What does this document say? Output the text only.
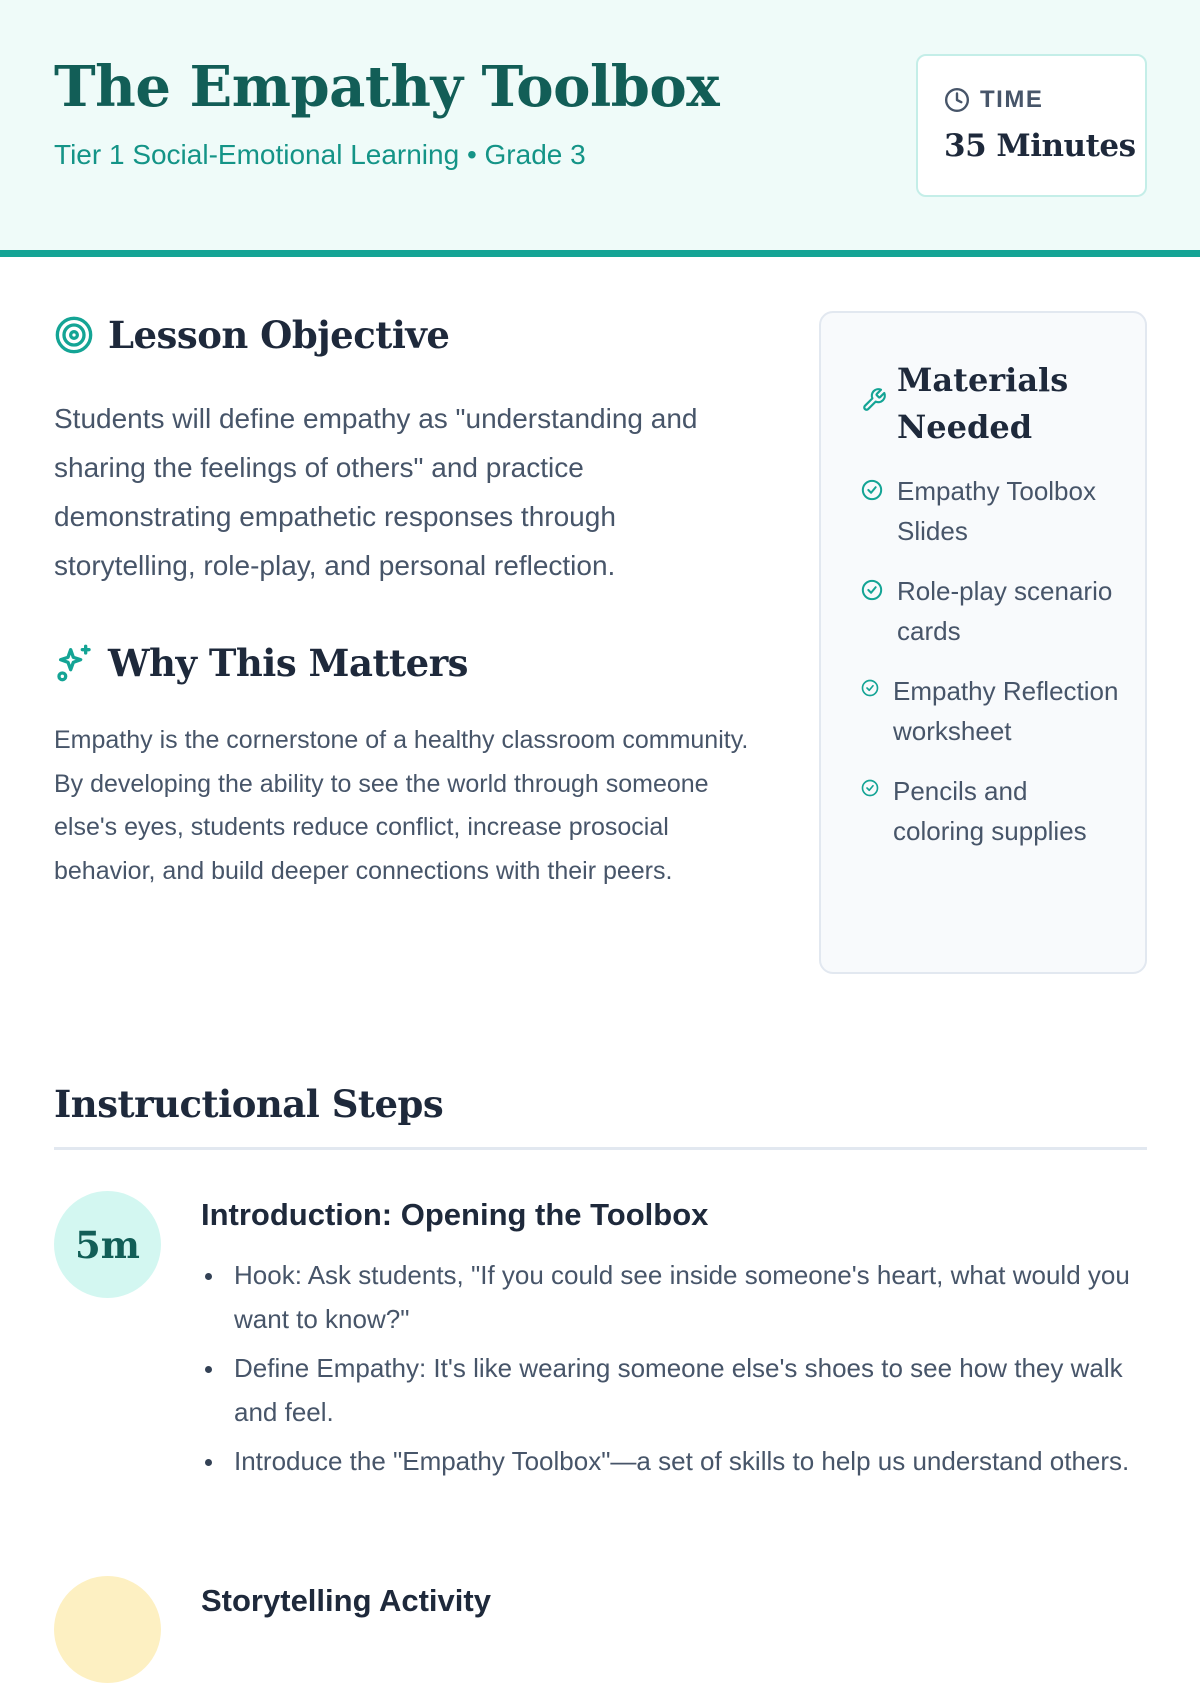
The Empathy Toolbox
Tier 1 Social-Emotional Learning • Grade 3
TIME
35 Minutes
Lesson Objective

Students will define empathy as "understanding and sharing the feelings of others" and practice demonstrating empathetic responses through storytelling, role-play, and personal reflection.

Why This Matters

Empathy is the cornerstone of a healthy classroom community. By developing the ability to see the world through someone else's eyes, students reduce conflict, increase prosocial behavior, and build deeper connections with their peers.

Materials Needed
Empathy Toolbox Slides
Role-play scenario cards
Empathy Reflection worksheet
Pencils and coloring supplies
Instructional Steps
5m
Introduction: Opening the Toolbox
Hook: Ask students, "If you could see inside someone's heart, what would you want to know?"
Define Empathy: It's like wearing someone else's shoes to see how they walk and feel.
Introduce the "Empathy Toolbox"—a set of skills to help us understand others.
Storytelling Activity
